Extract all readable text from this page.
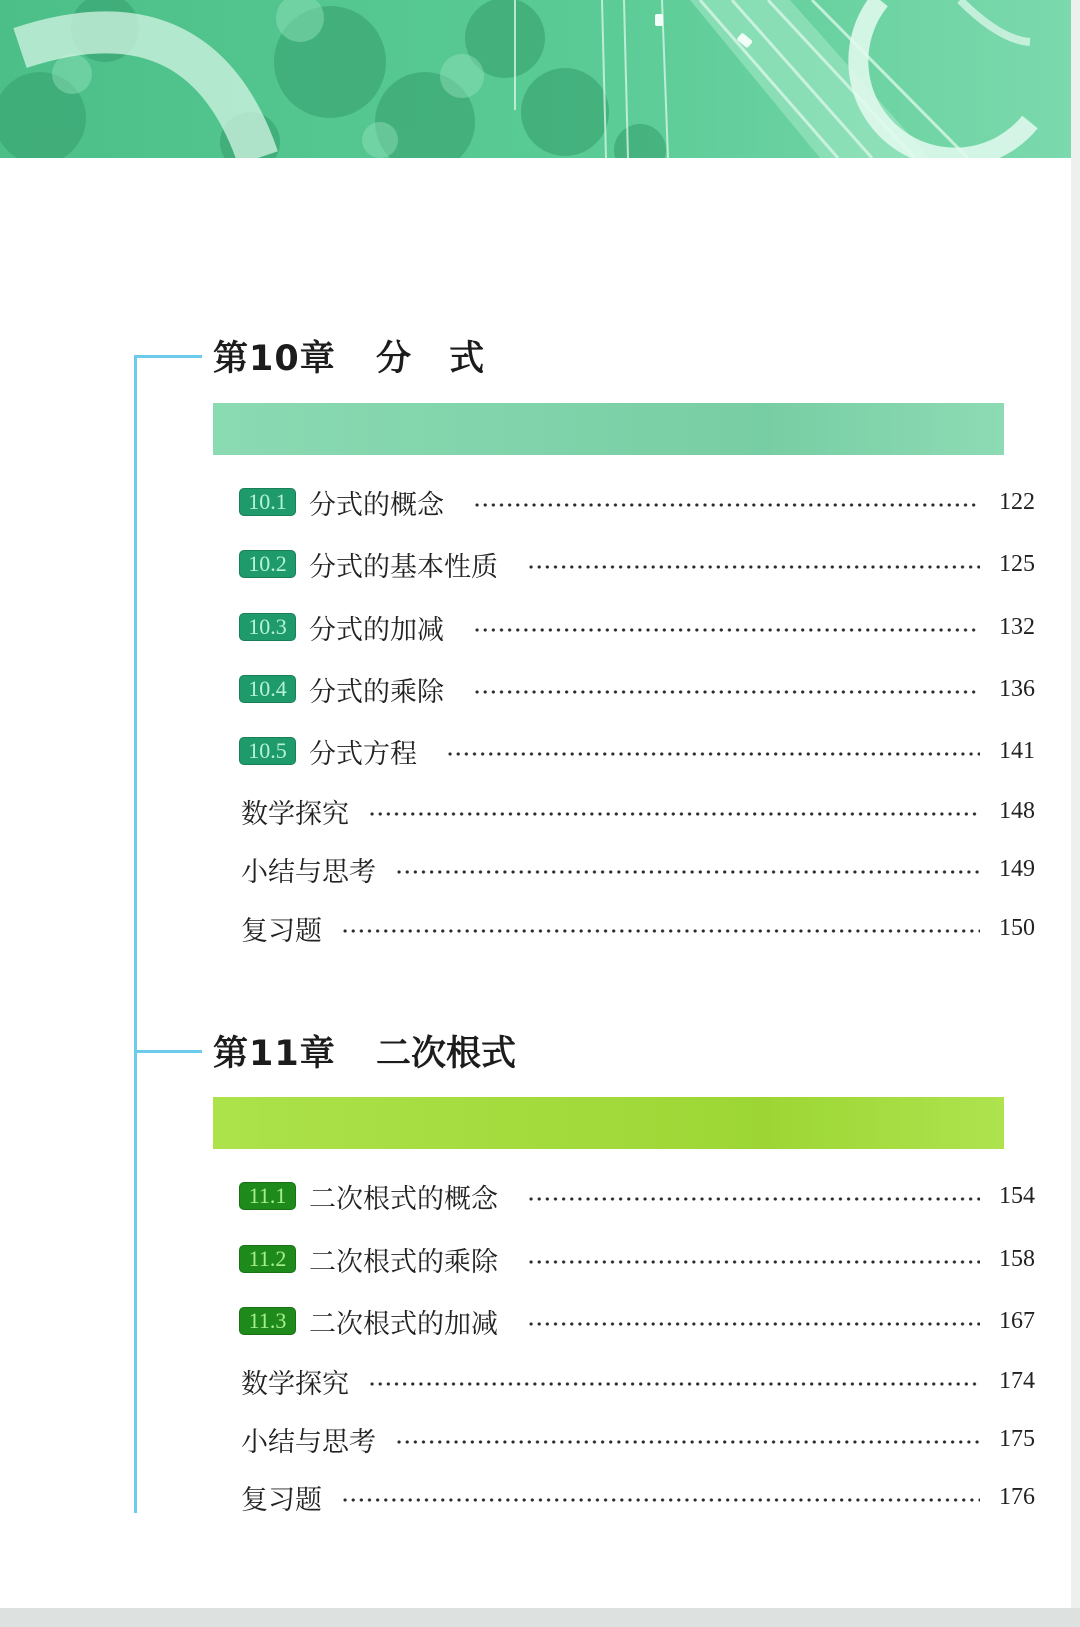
第10章	分 式
10.1 分式的概念	122
10.2 分式的基本性质	125
10.3 分式的加减	132
10.4 分式的乘除	136
10.5 分式方程	141
数学探究	148
小结与思考	149
复习题	150
第11章	二次根式
11.1 二次根式的概念	154
11.2 二次根式的乘除	158
11.3 二次根式的加减	167
数学探究	174
小结与思考	175
复习题	176
